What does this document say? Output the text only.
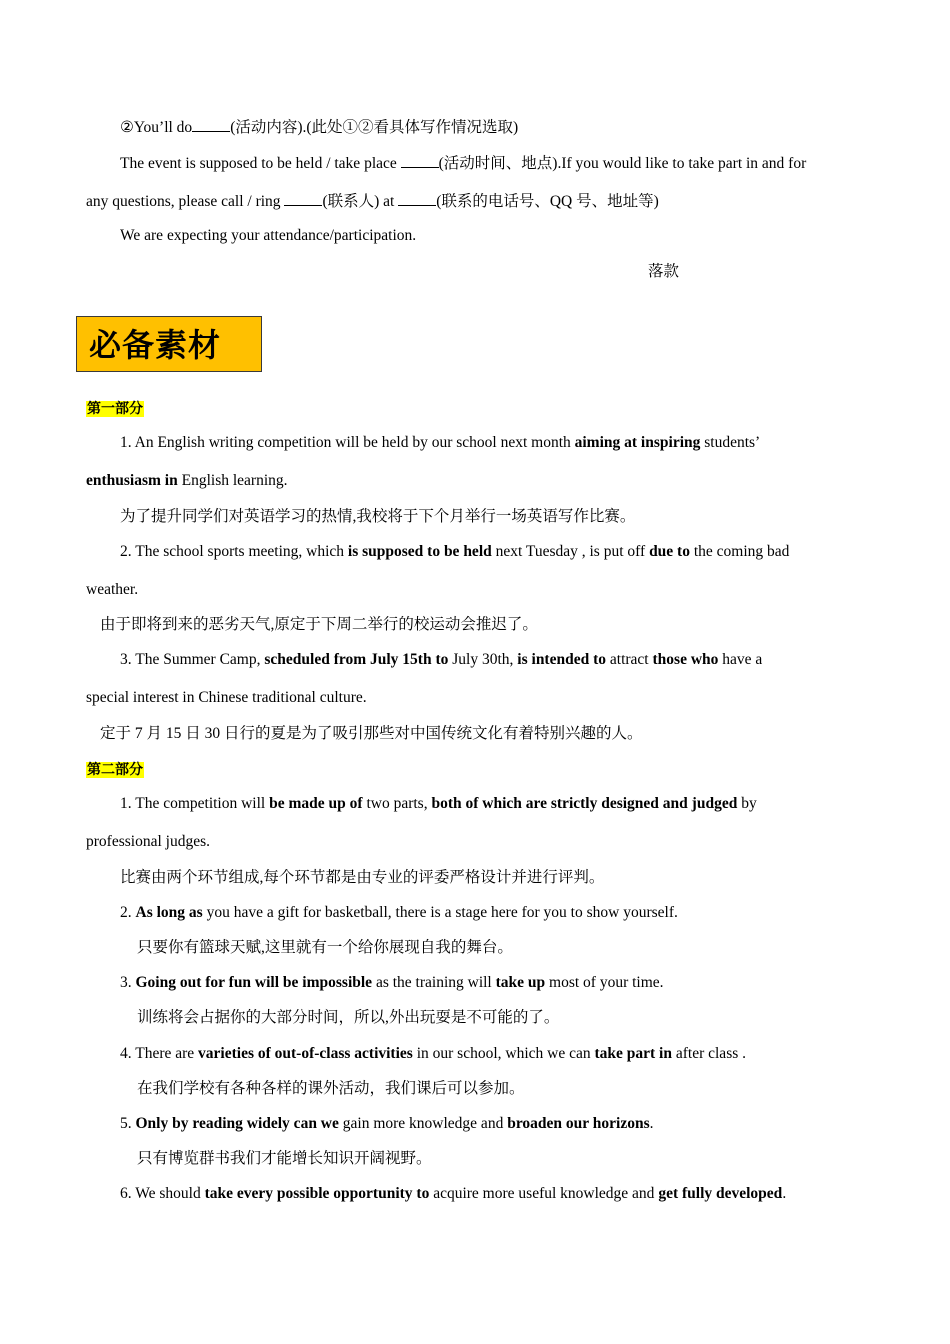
②You’ll do (活动内容).(此处①②看具体写作情况选取)
The event is supposed to be held / take place (活动时间、地点).If you would like to take part in and for
any questions, please call / ring (联系人) at (联系的电话号、QQ 号、地址等)
We are expecting your attendance/participation.
落款
必备素材
第一部分
1. An English writing competition will be held by our school next month aiming at inspiring students’
enthusiasm in English learning.
为了提升同学们对英语学习的热情,我校将于下个月举行一场英语写作比赛。
2. The school sports meeting, which is supposed to be held next Tuesday , is put off due to the coming bad
weather.
由于即将到来的恶劣天气,原定于下周二举行的校运动会推迟了。
3. The Summer Camp, scheduled from July 15th to July 30th, is intended to attract those who have a
special interest in Chinese traditional culture.
定于 7 月 15 日 30 日行的夏是为了吸引那些对中国传统文化有着特别兴趣的人。
第二部分
1. The competition will be made up of two parts, both of which are strictly designed and judged by
professional judges.
比赛由两个环节组成,每个环节都是由专业的评委严格设计并进行评判。
2. As long as you have a gift for basketball, there is a stage here for you to show yourself.
只要你有篮球天赋,这里就有一个给你展现自我的舞台。
3. Going out for fun will be impossible as the training will take up most of your time.
训练将会占据你的大部分时间，所以,外出玩耍是不可能的了。
4. There are varieties of out-of-class activities in our school, which we can take part in after class .
在我们学校有各种各样的课外活动，我们课后可以参加。
5. Only by reading widely can we gain more knowledge and broaden our horizons.
只有博览群书我们才能增长知识开阔视野。
6. We should take every possible opportunity to acquire more useful knowledge and get fully developed.
